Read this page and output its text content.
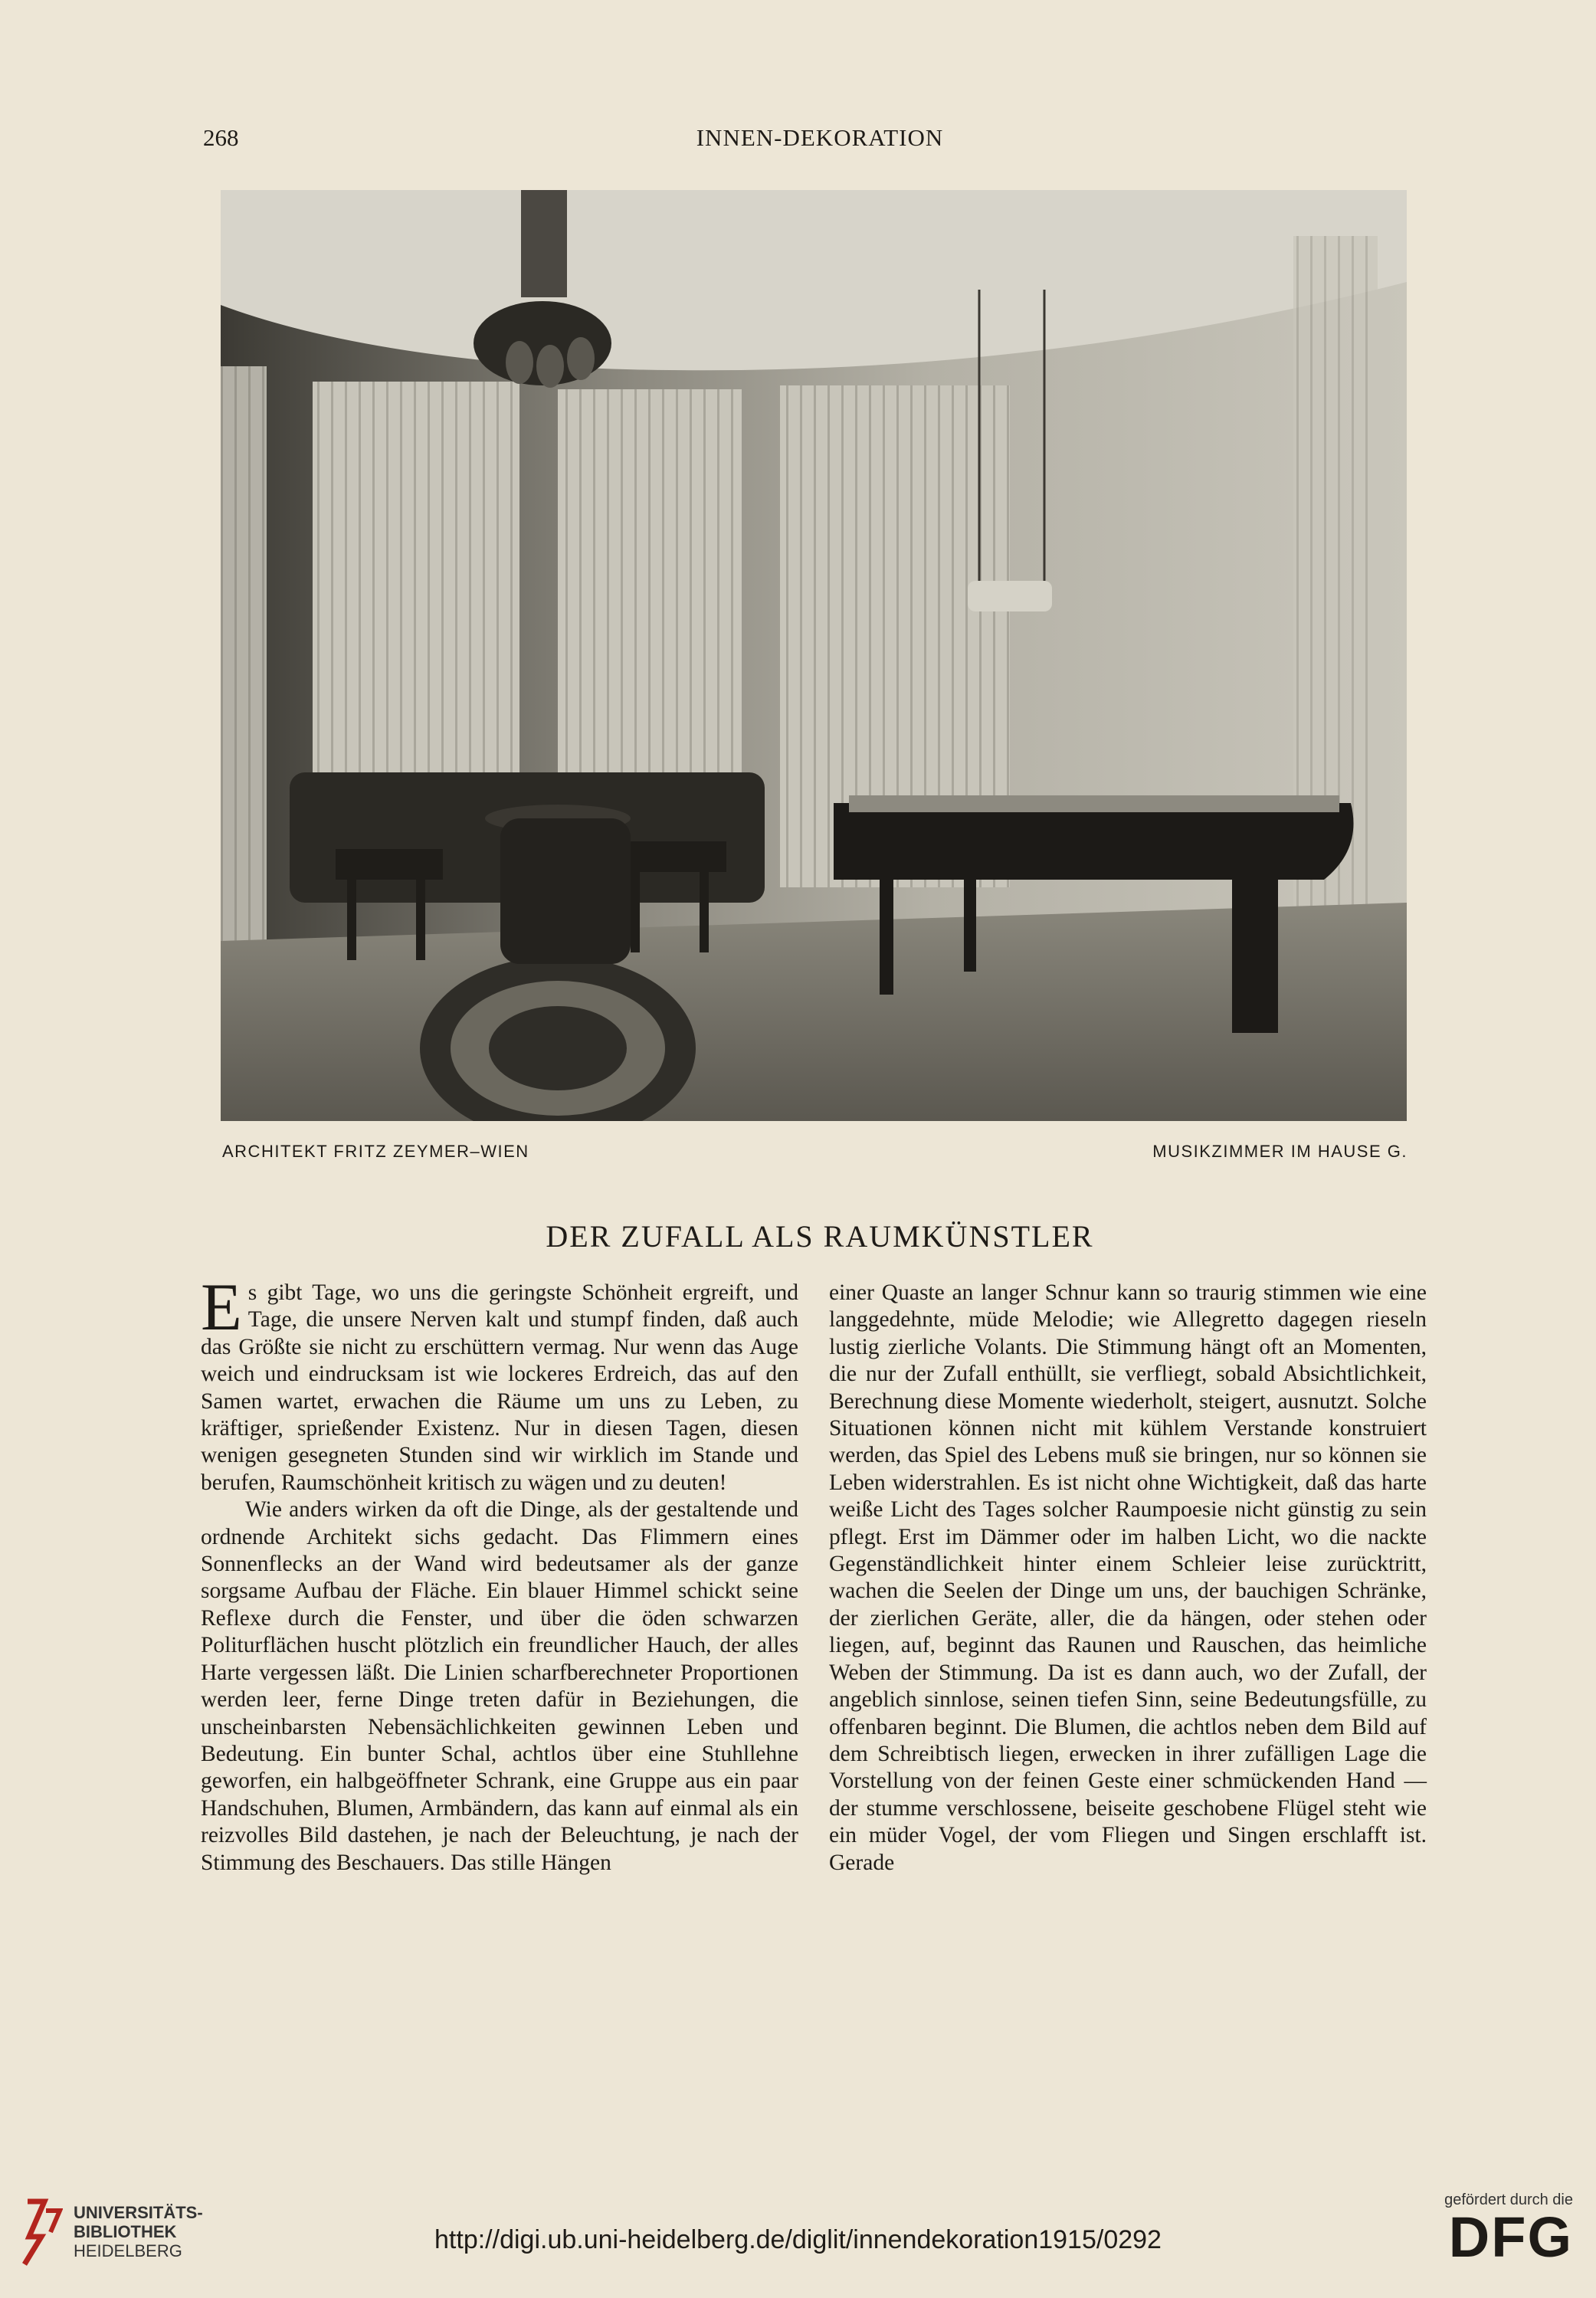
268	INNEN-DEKORATION
ARCHITEKT FRITZ ZEYMER–WIEN	MUSIKZIMMER IM HAUSE G.
DER ZUFALL ALS RAUMKÜNSTLER

Es gibt Tage, wo uns die geringste Schönheit ergreift, und Tage, die unsere Nerven kalt und stumpf finden, daß auch das Größte sie nicht zu erschüttern vermag. Nur wenn das Auge weich und eindrucksam ist wie lockeres Erdreich, das auf den Samen wartet, erwachen die Räume um uns zu Leben, zu kräftiger, sprießender Existenz. Nur in diesen Tagen, diesen wenigen gesegneten Stunden sind wir wirklich im Stande und berufen, Raumschönheit kritisch zu wägen und zu deuten!

Wie anders wirken da oft die Dinge, als der gestaltende und ordnende Architekt sichs gedacht. Das Flimmern eines Sonnenflecks an der Wand wird bedeutsamer als der ganze sorgsame Aufbau der Fläche. Ein blauer Himmel schickt seine Reflexe durch die Fenster, und über die öden schwarzen Politurflächen huscht plötzlich ein freundlicher Hauch, der alles Harte vergessen läßt. Die Linien scharfberechneter Proportionen werden leer, ferne Dinge treten dafür in Beziehungen, die unscheinbarsten Nebensächlichkeiten gewinnen Leben und Bedeutung. Ein bunter Schal, achtlos über eine Stuhllehne geworfen, ein halbgeöffneter Schrank, eine Gruppe aus ein paar Handschuhen, Blumen, Armbändern, das kann auf einmal als ein reizvolles Bild dastehen, je nach der Beleuchtung, je nach der Stimmung des Beschauers. Das stille Hängen

einer Quaste an langer Schnur kann so traurig stimmen wie eine langgedehnte, müde Melodie; wie Allegretto dagegen rieseln lustig zierliche Volants. Die Stimmung hängt oft an Momenten, die nur der Zufall enthüllt, sie verfliegt, sobald Absichtlichkeit, Berechnung diese Momente wiederholt, steigert, ausnutzt. Solche Situationen können nicht mit kühlem Verstande konstruiert werden, das Spiel des Lebens muß sie bringen, nur so können sie Leben widerstrahlen. Es ist nicht ohne Wichtigkeit, daß das harte weiße Licht des Tages solcher Raumpoesie nicht günstig zu sein pflegt. Erst im Dämmer oder im halben Licht, wo die nackte Gegenständlichkeit hinter einem Schleier leise zurücktritt, wachen die Seelen der Dinge um uns, der bauchigen Schränke, der zierlichen Geräte, aller, die da hängen, oder stehen oder liegen, auf, beginnt das Raunen und Rauschen, das heimliche Weben der Stimmung. Da ist es dann auch, wo der Zufall, der angeblich sinnlose, seinen tiefen Sinn, seine Bedeutungsfülle, zu offenbaren beginnt. Die Blumen, die achtlos neben dem Bild auf dem Schreibtisch liegen, erwecken in ihrer zufälligen Lage die Vorstellung von der feinen Geste einer schmückenden Hand — der stumme verschlossene, beiseite geschobene Flügel steht wie ein müder Vogel, der vom Fliegen und Singen erschlafft ist. Gerade

UNIVERSITÄTS-
BIBLIOTHEK
HEIDELBERG	http://digi.ub.uni-heidelberg.de/diglit/innendekoration1915/0292
gefördert durch die
DFG
